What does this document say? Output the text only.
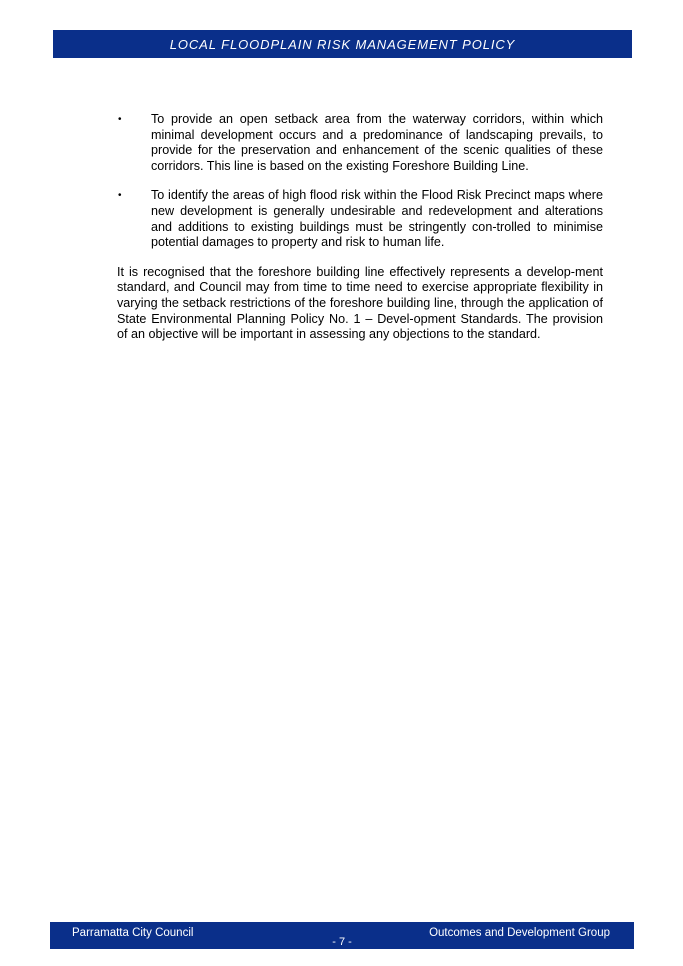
LOCAL FLOODPLAIN RISK MANAGEMENT POLICY
•	To provide an open setback area from the waterway corridors, within which minimal development occurs and a predominance of landscaping prevails, to provide for the preservation and enhancement of the scenic qualities of these corridors. This line is based on the existing Foreshore Building Line.
•	To identify the areas of high flood risk within the Flood Risk Precinct maps where new development is generally undesirable and redevelopment and alterations and additions to existing buildings must be stringently con-trolled to minimise potential damages to property and risk to human life.

It is recognised that the foreshore building line effectively represents a develop-ment standard, and Council may from time to time need to exercise appropriate flexibility in varying the setback restrictions of the foreshore building line, through the application of State Environmental Planning Policy No. 1 – Devel-opment Standards. The provision of an objective will be important in assessing any objections to the standard.

Parramatta City Council	Outcomes and Development Group
- 7 -
